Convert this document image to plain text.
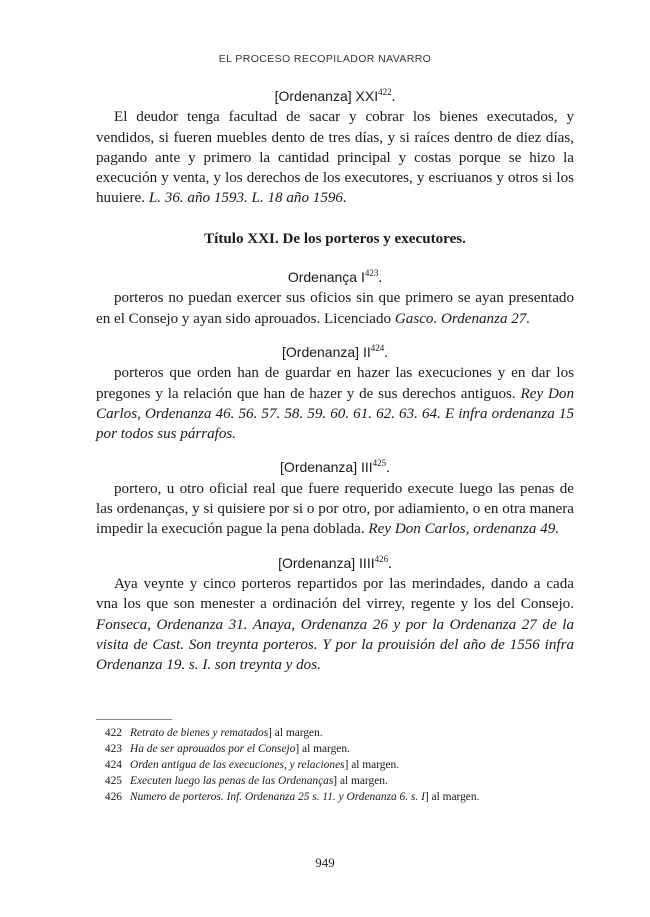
EL PROCESO RECOPILADOR NAVARRO

[Ordenanza] XXI$^{422}$.

El deudor tenga facultad de sacar y cobrar los bienes executados, y vendidos, si fueren muebles dento de tres días, y si raíces dentro de diez días, pagando ante y primero la cantidad principal y costas porque se hizo la execución y venta, y los derechos de los executores, y escriuanos y otros si los huuiere. L. 36. año 1593. L. 18 año 1596.

Título XXI. De los porteros y executores.

Ordenança $I^{423}$.

porteros no puedan exercer sus oficios sin que primero se ayan presentado en el Consejo y ayan sido aprouados. Licenciado Gasco. Ordenanza 27.

[Ordenanza] II$^{424}$.

porteros que orden han de guardar en hazer las execuciones y en dar los pregones y la relación que han de hazer y de sus derechos antiguos. Rey Don Carlos, Ordenanza 46. 56. 57. 58. 59. 60. 61. 62. 63. 64. E infra ordenanza 15 por todos sus párrafos.

[Ordenanza] III$^{425}$.

portero, u otro oficial real que fuere requerido execute luego las penas de las ordenanças, y si quisiere por si o por otro, por adiamiento, o en otra manera impedir la execución pague la pena doblada. Rey Don Carlos, ordenanza 49.

[Ordenanza] IIII$^{426}$.

Aya veynte y cinco porteros repartidos por las merindades, dando a cada vna los que son menester a ordinación del virrey, regente y los del Consejo. Fonseca, Ordenanza 31. Anaya, Ordenanza 26 y por la Ordenanza 27 de la visita de Cast. Son treynta porteros. Y por la prouisión del año de 1556 infra Ordenanza 19. s. I. son treynta y dos.

422 Retrato de bienes y rematados] al margen.
423 Ha de ser aprouados por el Consejo] al margen.
424 Orden antigua de las execuciones, y relaciones] al margen.
425 Executen luego las penas de las Ordenanças] al margen.
426 Numero de porteros. Inf. Ordenanza 25 s. 11. y Ordenanza 6. s. I] al margen.
949
